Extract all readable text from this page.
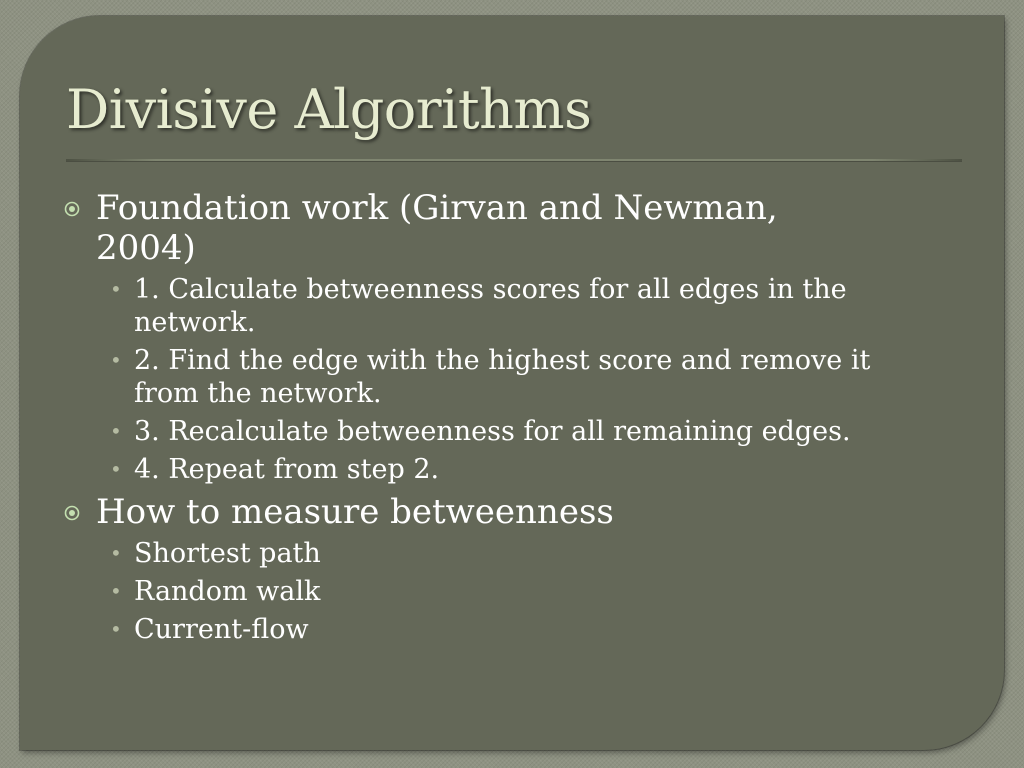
Divisive Algorithms
Foundation work (Girvan and Newman,
2004)
• 1. Calculate betweenness scores for all edges in the
network.
• 2. Find the edge with the highest score and remove it
from the network.
• 3. Recalculate betweenness for all remaining edges.
• 4. Repeat from step 2.
How to measure betweenness
• Shortest path
• Random walk
• Current-flow
